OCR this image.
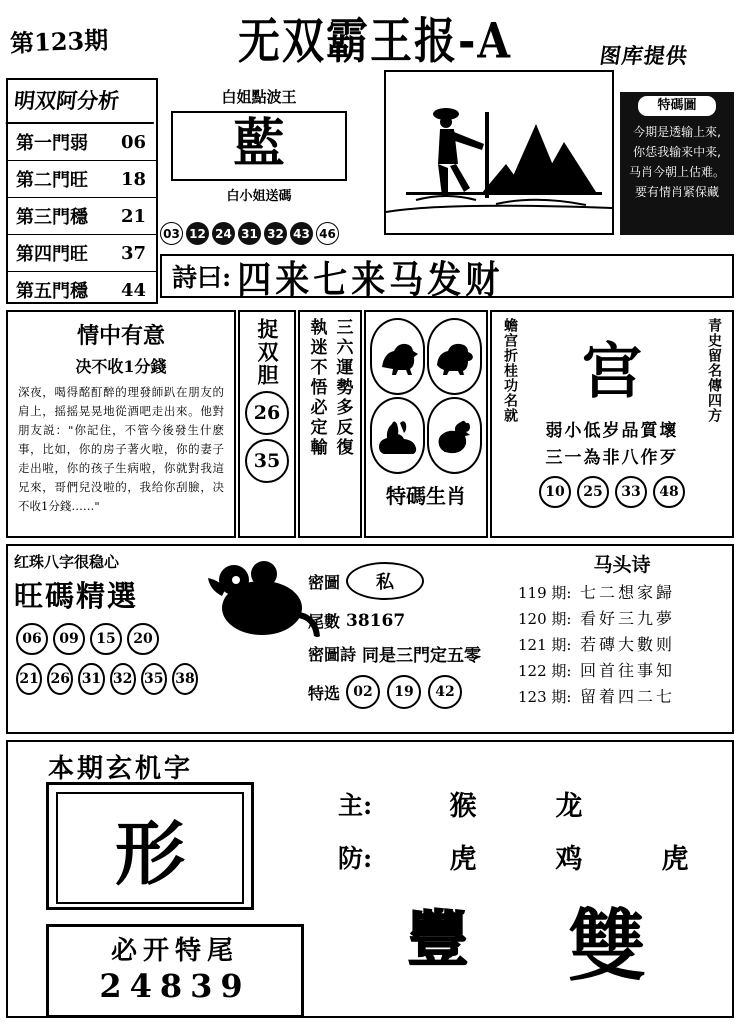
第123期	无双霸王报-A	图库提供
明双阿分析
第一門弱 06
第二門旺 18
第三門穩 21
第四門旺 37
第五門穩 44
白姐點波王
藍
白小姐送碼
03 12 24 31 32 43 46
特碼圖
今期是透输上來,
你恁我输来中来,
马肖今朝上估难。
要有情肖紧保藏
詩曰: 四来七来马发财
情中有意
决不收1分錢
深夜，喝得酩酊醉的理發師趴在朋友的肩上，摇摇晃晃地從酒吧走出來。他對朋友説："你記住，不管今後發生什麽事，比如，你的房子著火啦，你的妻子走出啦，你的孩子生病啦，你就對我這兄來，哥們兒没啦的，我给你刮臉，决不收1分錢……"
捉双胆
26
35
三六運勢多反復
執迷不悟必定輸
特碼生肖
蟾宫折桂功名就	青史留名傳四方
宫
弱小低岁品質壞
三一為非八作歹
10	25	33	48
红珠八字很稳心
旺碼精選
06	09	15	20
21 26 31 32 35 38
密圖	私
尾數 38167
密圖詩 同是三門定五零
特选 02	19	42
马头诗
119 期: 七二想家歸
120 期: 看好三九夢
121 期: 若磚大數则
122 期: 回首往事知
123 期: 留着四二七
本期玄机字
形
必开特尾
24839
主:	猴	龙
防:	虎	鸡	虎
豐 雙
